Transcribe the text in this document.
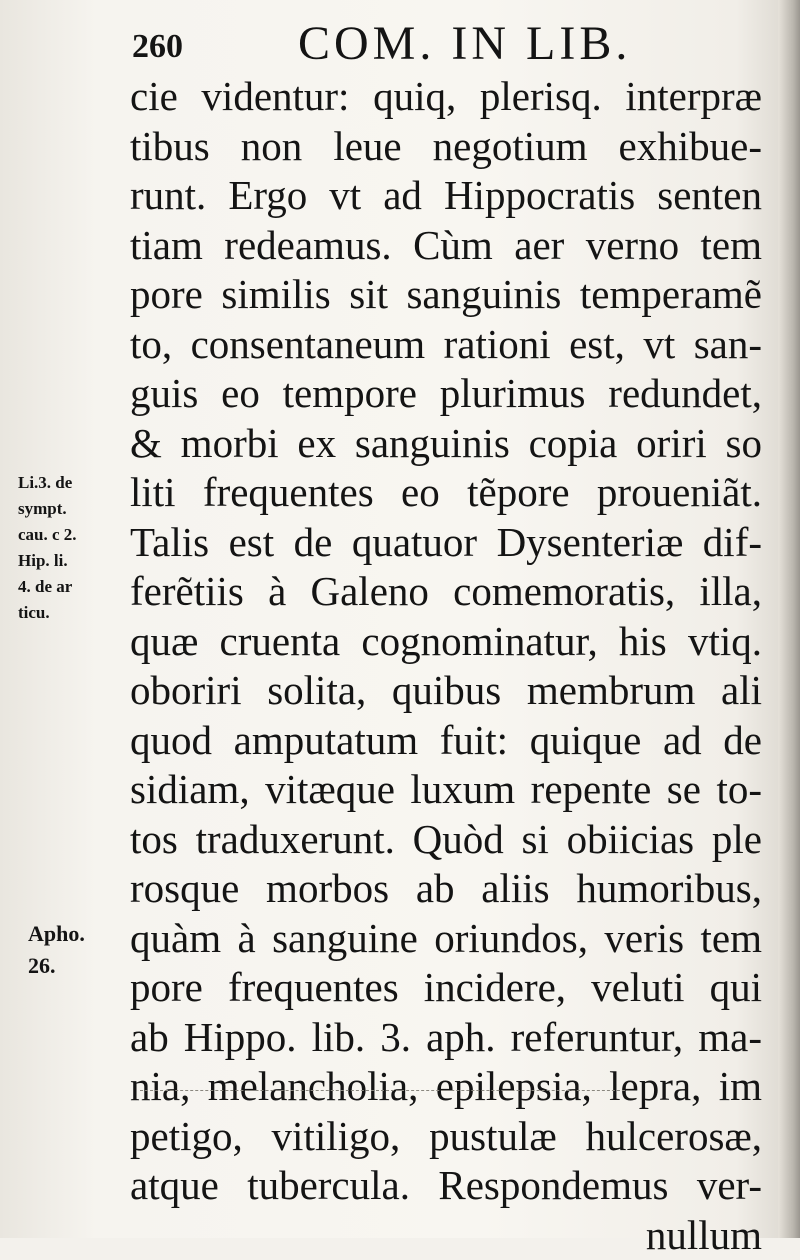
260 COM. IN LIB.

Li.3. de

sympt.

cau. c 2.

Hip. li.

4. de ar

ticu.

Apho.
26.
cie videntur: quiq, plerisq. interpræ
tibus non leue negotium exhibue-
runt. Ergo vt ad Hippocratis senten
tiam redeamus. Cùm aer verno tem
pore similis sit sanguinis temperamẽ
to, consentaneum rationi est, vt san-
guis eo tempore plurimus redundet,
& morbi ex sanguinis copia oriri so
liti frequentes eo tẽpore proueniãt.
Talis est de quatuor Dysenteriæ dif-
ferẽtiis à Galeno comemoratis, illa,
quæ cruenta cognominatur, his vtiq.
oboriri solita, quibus membrum ali
quod amputatum fuit: quique ad de
sidiam, vitæque luxum repente se to-
tos traduxerunt. Quòd si obiicias ple
rosque morbos ab aliis humoribus,
quàm à sanguine oriundos, veris tem
pore frequentes incidere, veluti qui
ab Hippo. lib. 3. aph. referuntur, ma-
nia, melancholia, epilepsia, lepra, im
petigo, vitiligo, pustulæ hulcerosæ,
atque tubercula. Respondemus ver-
nullum
